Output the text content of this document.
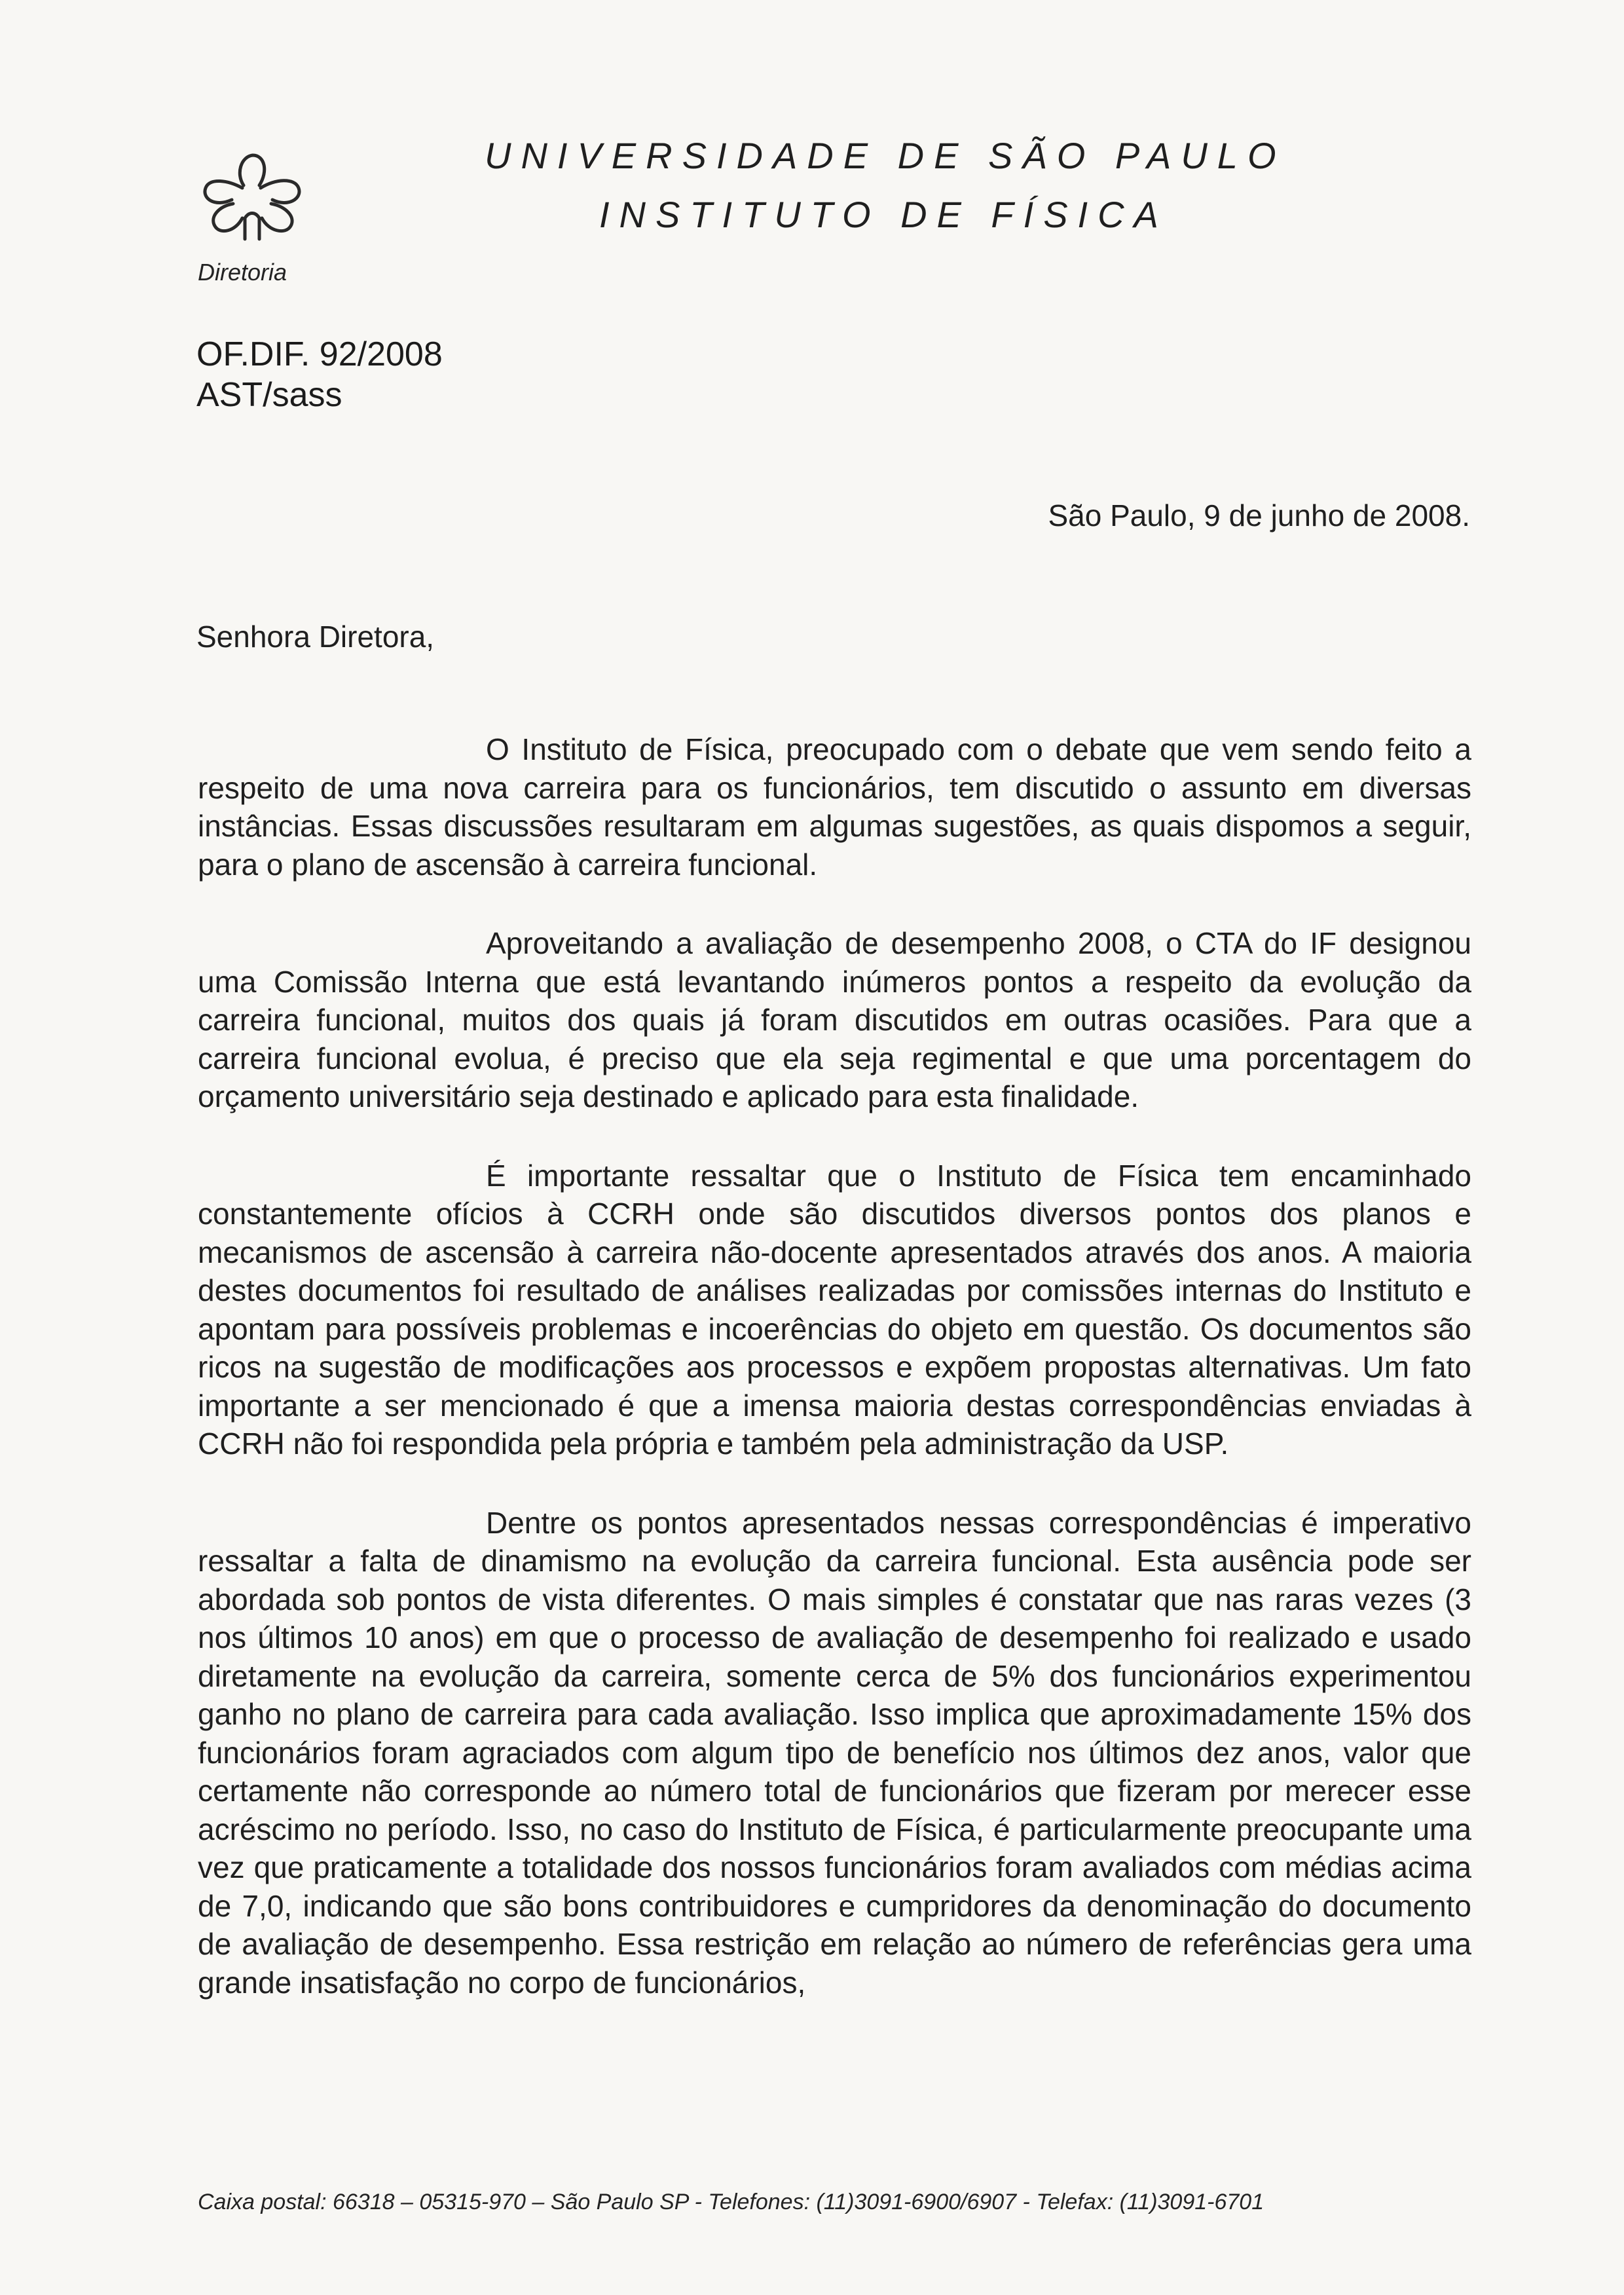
Diretoria
UNIVERSIDADE DE SÃO PAULO
INSTITUTO DE FÍSICA
OF.DIF. 92/2008
AST/sass
São Paulo, 9 de junho de 2008.
Senhora Diretora,

O Instituto de Física, preocupado com o debate que vem sendo feito a respeito de uma nova carreira para os funcionários, tem discutido o assunto em diversas instâncias. Essas discussões resultaram em algumas sugestões, as quais dispomos a seguir, para o plano de ascensão à carreira funcional.

Aproveitando a avaliação de desempenho 2008, o CTA do IF designou uma Comissão Interna que está levantando inúmeros pontos a respeito da evolução da carreira funcional, muitos dos quais já foram discutidos em outras ocasiões. Para que a carreira funcional evolua, é preciso que ela seja regimental e que uma porcentagem do orçamento universitário seja destinado e aplicado para esta finalidade.

É importante ressaltar que o Instituto de Física tem encaminhado constantemente ofícios à CCRH onde são discutidos diversos pontos dos planos e mecanismos de ascensão à carreira não-docente apresentados através dos anos. A maioria destes documentos foi resultado de análises realizadas por comissões internas do Instituto e apontam para possíveis problemas e incoerências do objeto em questão. Os documentos são ricos na sugestão de modificações aos processos e expõem propostas alternativas. Um fato importante a ser mencionado é que a imensa maioria destas correspondências enviadas à CCRH não foi respondida pela própria e também pela administração da USP.

Dentre os pontos apresentados nessas correspondências é imperativo ressaltar a falta de dinamismo na evolução da carreira funcional. Esta ausência pode ser abordada sob pontos de vista diferentes. O mais simples é constatar que nas raras vezes (3 nos últimos 10 anos) em que o processo de avaliação de desempenho foi realizado e usado diretamente na evolução da carreira, somente cerca de 5% dos funcionários experimentou ganho no plano de carreira para cada avaliação. Isso implica que aproximadamente 15% dos funcionários foram agraciados com algum tipo de benefício nos últimos dez anos, valor que certamente não corresponde ao número total de funcionários que fizeram por merecer esse acréscimo no período. Isso, no caso do Instituto de Física, é particularmente preocupante uma vez que praticamente a totalidade dos nossos funcionários foram avaliados com médias acima de 7,0, indicando que são bons contribuidores e cumpridores da denominação do documento de avaliação de desempenho. Essa restrição em relação ao número de referências gera uma grande insatisfação no corpo de funcionários,

Caixa postal: 66318 – 05315-970 – São Paulo SP - Telefones: (11)3091-6900/6907 - Telefax: (11)3091-6701
